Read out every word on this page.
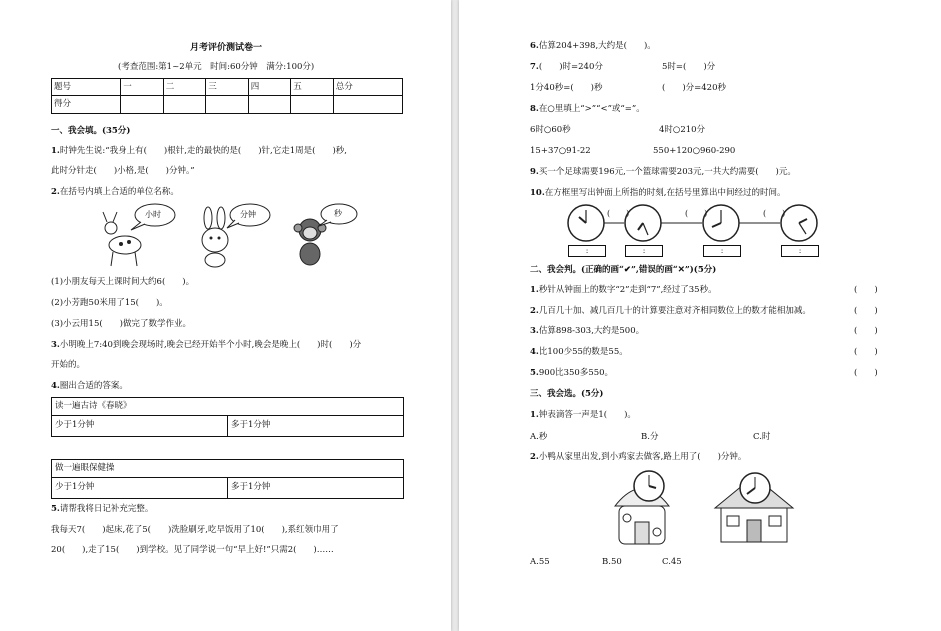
月考评价测试卷一
(考查范围:第1~2单元　时间:60分钟　满分:100分)
题号	一	二	三	四	五	总分
得分						
一、我会填。(35分)
1.时钟先生说:“我身上有(　　)根针,走的最快的是(　　)针,它走1周是(　　)秒,
此时分针走(　　)小格,是(　　)分钟。”
2.在括号内填上合适的单位名称。
小时	分钟	秒
(1)小朋友每天上课时间大约6(　　)。
(2)小芳跑50米用了15(　　)。
(3)小云用15(　　)做完了数学作业。
3.小明晚上7:40到晚会现场时,晚会已经开始半个小时,晚会是晚上(　　)时(　　)分
开始的。
4.圈出合适的答案。
读一遍古诗《春晓》
少于1分钟	多于1分钟
做一遍眼保健操
少于1分钟	多于1分钟
5.请帮我将日记补充完整。
我每天7(　　)起床,花了5(　　)洗脸刷牙,吃早饭用了10(　　),系红领巾用了
20(　　),走了15(　　)到学校。见了同学说一句“早上好!”只需2(　　)……
6.估算204+398,大约是(　　)。
7.(　　)时=240分	5时=(　　)分
1分40秒=(　　)秒	(　　)分=420秒
8.在○里填上“>”“<”或“=”。
6时○60秒	4时○210分
15+37○91-22	550+120○960-290
9.买一个足球需要196元,一个篮球需要203元,一共大约需要(　　)元。
10.在方框里写出钟面上所指的时刻,在括号里算出中间经过的时间。
(　　)	(　　)	(　　)
:	:	:	:
二、我会判。(正确的画“✔”,错误的画“✕”)(5分)
1.秒针从钟面上的数字“2”走到“7”,经过了35秒。	(　　)
2.几百几十加、减几百几十的计算要注意对齐相同数位上的数才能相加减。	(　　)
3.估算898-303,大约是500。	(　　)
4.比100少55的数是55。	(　　)
5.900比350多550。	(　　)
三、我会选。(5分)
1.钟表滴答一声是1(　　)。
A.秒	B.分	C.时
2.小鸭从家里出发,到小鸡家去做客,路上用了(　　)分钟。
A.55	B.50	C.45
